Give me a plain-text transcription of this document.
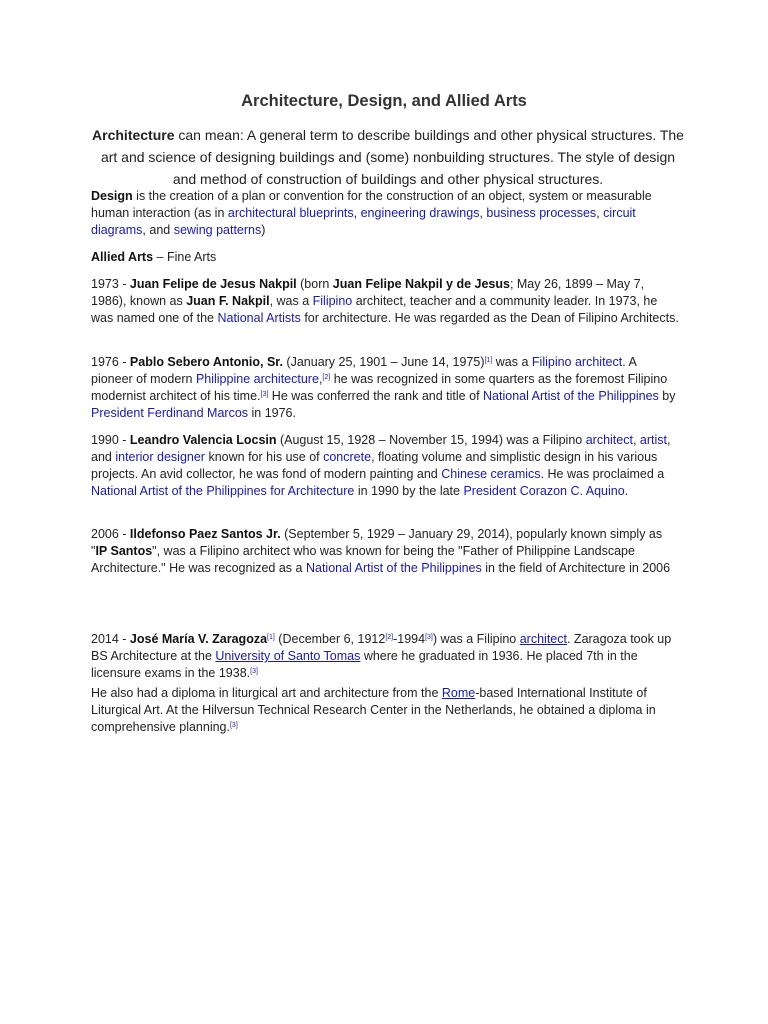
Architecture, Design, and Allied Arts

Architecture can mean: A general term to describe buildings and other physical structures. The art and science of designing buildings and (some) nonbuilding structures. The style of design and method of construction of buildings and other physical structures.

Design is the creation of a plan or convention for the construction of an object, system or measurable human interaction (as in architectural blueprints, engineering drawings, business processes, circuit diagrams, and sewing patterns)

Allied Arts – Fine Arts

1973 - Juan Felipe de Jesus Nakpil (born Juan Felipe Nakpil y de Jesus; May 26, 1899 – May 7, 1986), known as Juan F. Nakpil, was a Filipino architect, teacher and a community leader. In 1973, he was named one of the National Artists for architecture. He was regarded as the Dean of Filipino Architects.

1976 - Pablo Sebero Antonio, Sr. (January 25, 1901 – June 14, 1975)[1] was a Filipino architect. A pioneer of modern Philippine architecture,[2] he was recognized in some quarters as the foremost Filipino modernist architect of his time.[3] He was conferred the rank and title of National Artist of the Philippines by President Ferdinand Marcos in 1976.

1990 - Leandro Valencia Locsin (August 15, 1928 – November 15, 1994) was a Filipino architect, artist, and interior designer known for his use of concrete, floating volume and simplistic design in his various projects. An avid collector, he was fond of modern painting and Chinese ceramics. He was proclaimed a National Artist of the Philippines for Architecture in 1990 by the late President Corazon C. Aquino.

2006 - Ildefonso Paez Santos Jr. (September 5, 1929 – January 29, 2014), popularly known simply as "IP Santos", was a Filipino architect who was known for being the "Father of Philippine Landscape Architecture." He was recognized as a National Artist of the Philippines in the field of Architecture in 2006

2014 - José María V. Zaragoza[1] (December 6, 1912[2]-1994[3]) was a Filipino architect. Zaragoza took up BS Architecture at the University of Santo Tomas where he graduated in 1936. He placed 7th in the licensure exams in the 1938.[3]

He also had a diploma in liturgical art and architecture from the Rome-based International Institute of Liturgical Art. At the Hilversun Technical Research Center in the Netherlands, he obtained a diploma in comprehensive planning.[3]
